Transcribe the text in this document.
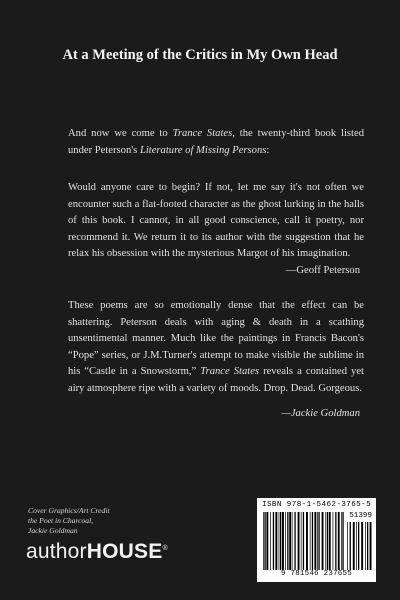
At a Meeting of the Critics in My Own Head
And now we come to Trance States, the twenty-third book listed under Peterson's Literature of Missing Persons:
Would anyone care to begin? If not, let me say it's not often we encounter such a flat-footed character as the ghost lurking in the halls of this book. I cannot, in all good conscience, call it poetry, nor recommend it. We return it to its author with the suggestion that he relax his obsession with the mysterious Margot of his imagination.
—Geoff Peterson
These poems are so emotionally dense that the effect can be shattering. Peterson deals with aging & death in a scathing unsentimental manner. Much like the paintings in Francis Bacon's “Pope” series, or J.M.Turner's attempt to make visible the sublime in his “Castle in a Snowstorm,” Trance States reveals a contained yet airy atmosphere ripe with a variety of moods. Drop. Dead. Gorgeous.
—Jackie Goldman
Cover Graphics/Art Credit
the Poet in Charcoal,
Jackie Goldman
authorHOUSE®
ISBN 978-1-5462-3765-5
51399
9 781546 237655
